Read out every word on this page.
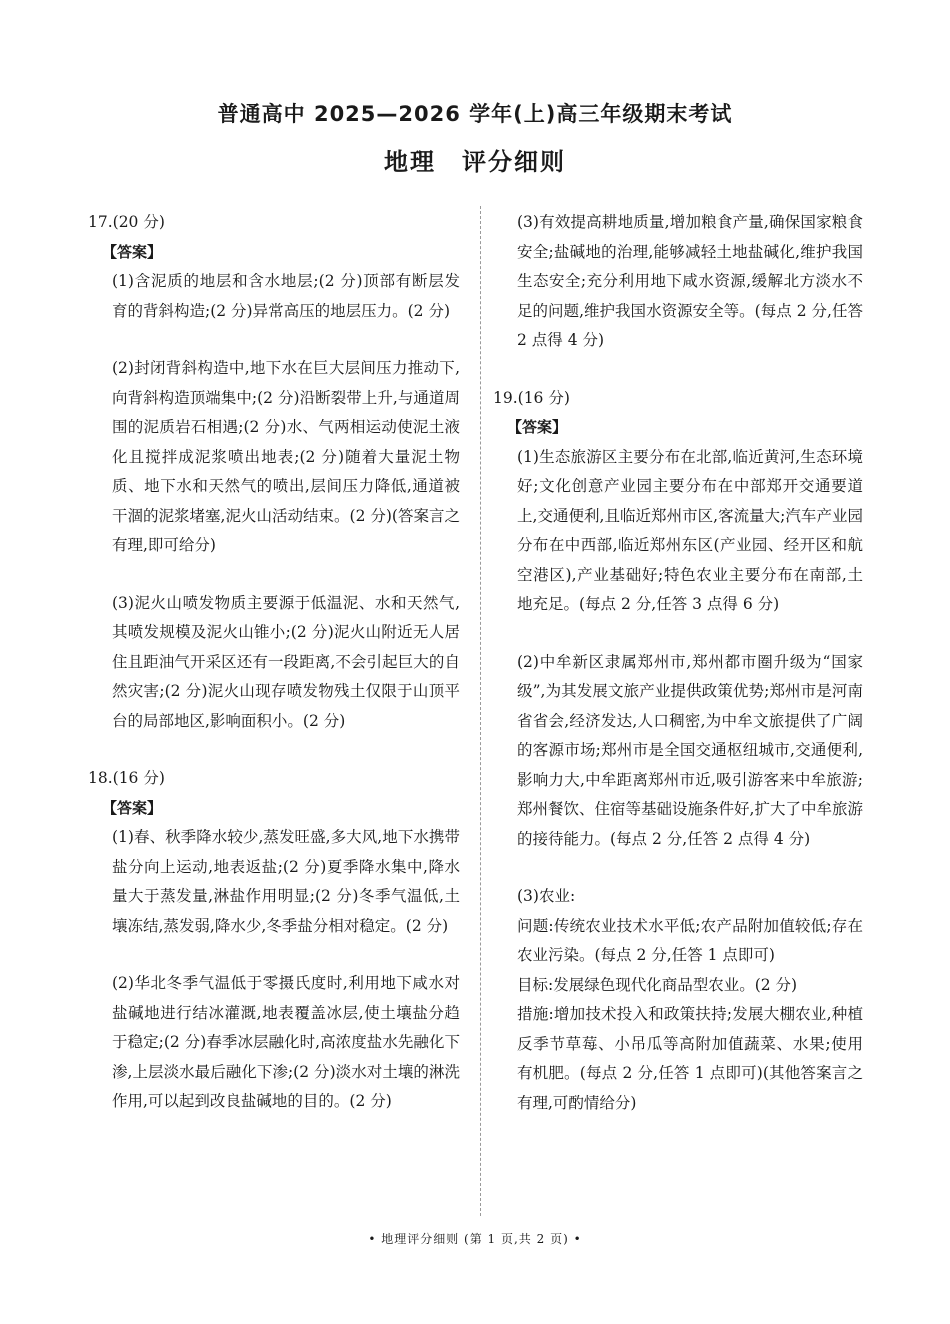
普通高中 2025—2026 学年(上)高三年级期末考试
地理 评分细则
17.(20 分)
【答案】
(1)含泥质的地层和含水地层;(2 分)顶部有断层发育的背斜构造;(2 分)异常高压的地层压力。(2 分)
(2)封闭背斜构造中,地下水在巨大层间压力推动下,向背斜构造顶端集中;(2 分)沿断裂带上升,与通道周围的泥质岩石相遇;(2 分)水、气两相运动使泥土液化且搅拌成泥浆喷出地表;(2 分)随着大量泥土物质、地下水和天然气的喷出,层间压力降低,通道被干涸的泥浆堵塞,泥火山活动结束。(2 分)(答案言之有理,即可给分)
(3)泥火山喷发物质主要源于低温泥、水和天然气,其喷发规模及泥火山锥小;(2 分)泥火山附近无人居住且距油气开采区还有一段距离,不会引起巨大的自然灾害;(2 分)泥火山现存喷发物残土仅限于山顶平台的局部地区,影响面积小。(2 分)
18.(16 分)
【答案】
(1)春、秋季降水较少,蒸发旺盛,多大风,地下水携带盐分向上运动,地表返盐;(2 分)夏季降水集中,降水量大于蒸发量,淋盐作用明显;(2 分)冬季气温低,土壤冻结,蒸发弱,降水少,冬季盐分相对稳定。(2 分)
(2)华北冬季气温低于零摄氏度时,利用地下咸水对盐碱地进行结冰灌溉,地表覆盖冰层,使土壤盐分趋于稳定;(2 分)春季冰层融化时,高浓度盐水先融化下渗,上层淡水最后融化下渗;(2 分)淡水对土壤的淋洗作用,可以起到改良盐碱地的目的。(2 分)
(3)有效提高耕地质量,增加粮食产量,确保国家粮食安全;盐碱地的治理,能够减轻土地盐碱化,维护我国生态安全;充分利用地下咸水资源,缓解北方淡水不足的问题,维护我国水资源安全等。(每点 2 分,任答 2 点得 4 分)
19.(16 分)
【答案】
(1)生态旅游区主要分布在北部,临近黄河,生态环境好;文化创意产业园主要分布在中部郑开交通要道上,交通便利,且临近郑州市区,客流量大;汽车产业园分布在中西部,临近郑州东区(产业园、经开区和航空港区),产业基础好;特色农业主要分布在南部,土地充足。(每点 2 分,任答 3 点得 6 分)
(2)中牟新区隶属郑州市,郑州都市圈升级为“国家级”,为其发展文旅产业提供政策优势;郑州市是河南省省会,经济发达,人口稠密,为中牟文旅提供了广阔的客源市场;郑州市是全国交通枢纽城市,交通便利,影响力大,中牟距离郑州市近,吸引游客来中牟旅游;郑州餐饮、住宿等基础设施条件好,扩大了中牟旅游的接待能力。(每点 2 分,任答 2 点得 4 分)
(3)农业:
问题:传统农业技术水平低;农产品附加值较低;存在农业污染。(每点 2 分,任答 1 点即可)
目标:发展绿色现代化商品型农业。(2 分)
措施:增加技术投入和政策扶持;发展大棚农业,种植反季节草莓、小吊瓜等高附加值蔬菜、水果;使用有机肥。(每点 2 分,任答 1 点即可)(其他答案言之有理,可酌情给分)
• 地理评分细则 (第 1 页,共 2 页) •
